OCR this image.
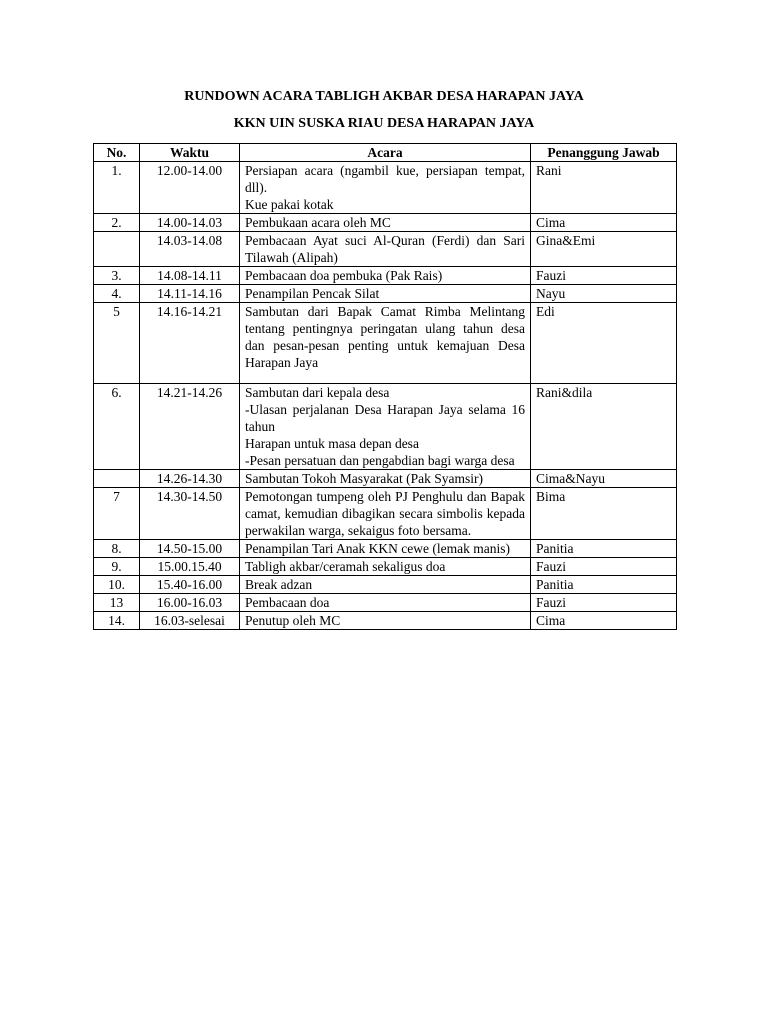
RUNDOWN ACARA TABLIGH AKBAR DESA HARAPAN JAYA
KKN UIN SUSKA RIAU DESA HARAPAN JAYA
No.	Waktu	Acara	Penanggung Jawab
1.	12.00-14.00	Persiapan acara (ngambil kue, persiapan tempat, dll).
Kue pakai kotak	Rani
2.	14.00-14.03	Pembukaan acara oleh MC	Cima
	14.03-14.08	Pembacaan Ayat suci Al-Quran (Ferdi) dan Sari Tilawah (Alipah)	Gina&Emi
3.	14.08-14.11	Pembacaan doa pembuka (Pak Rais)	Fauzi
4.	14.11-14.16	Penampilan Pencak Silat	Nayu
5	14.16-14.21	Sambutan dari Bapak Camat Rimba Melintang tentang pentingnya peringatan ulang tahun desa dan pesan-pesan penting untuk kemajuan Desa Harapan Jaya	Edi
6.	14.21-14.26	Sambutan dari kepala desa
-Ulasan perjalanan Desa Harapan Jaya selama 16 tahun
Harapan untuk masa depan desa
-Pesan persatuan dan pengabdian bagi warga desa	Rani&dila
	14.26-14.30	Sambutan Tokoh Masyarakat (Pak Syamsir)	Cima&Nayu
7	14.30-14.50	Pemotongan tumpeng oleh PJ Penghulu dan Bapak camat, kemudian dibagikan secara simbolis kepada perwakilan warga, sekaigus foto bersama.	Bima
8.	14.50-15.00	Penampilan Tari Anak KKN cewe (lemak manis)	Panitia
9.	15.00.15.40	Tabligh akbar/ceramah sekaligus doa	Fauzi
10.	15.40-16.00	Break adzan	Panitia
13	16.00-16.03	Pembacaan doa	Fauzi
14.	16.03-selesai	Penutup oleh MC	Cima
